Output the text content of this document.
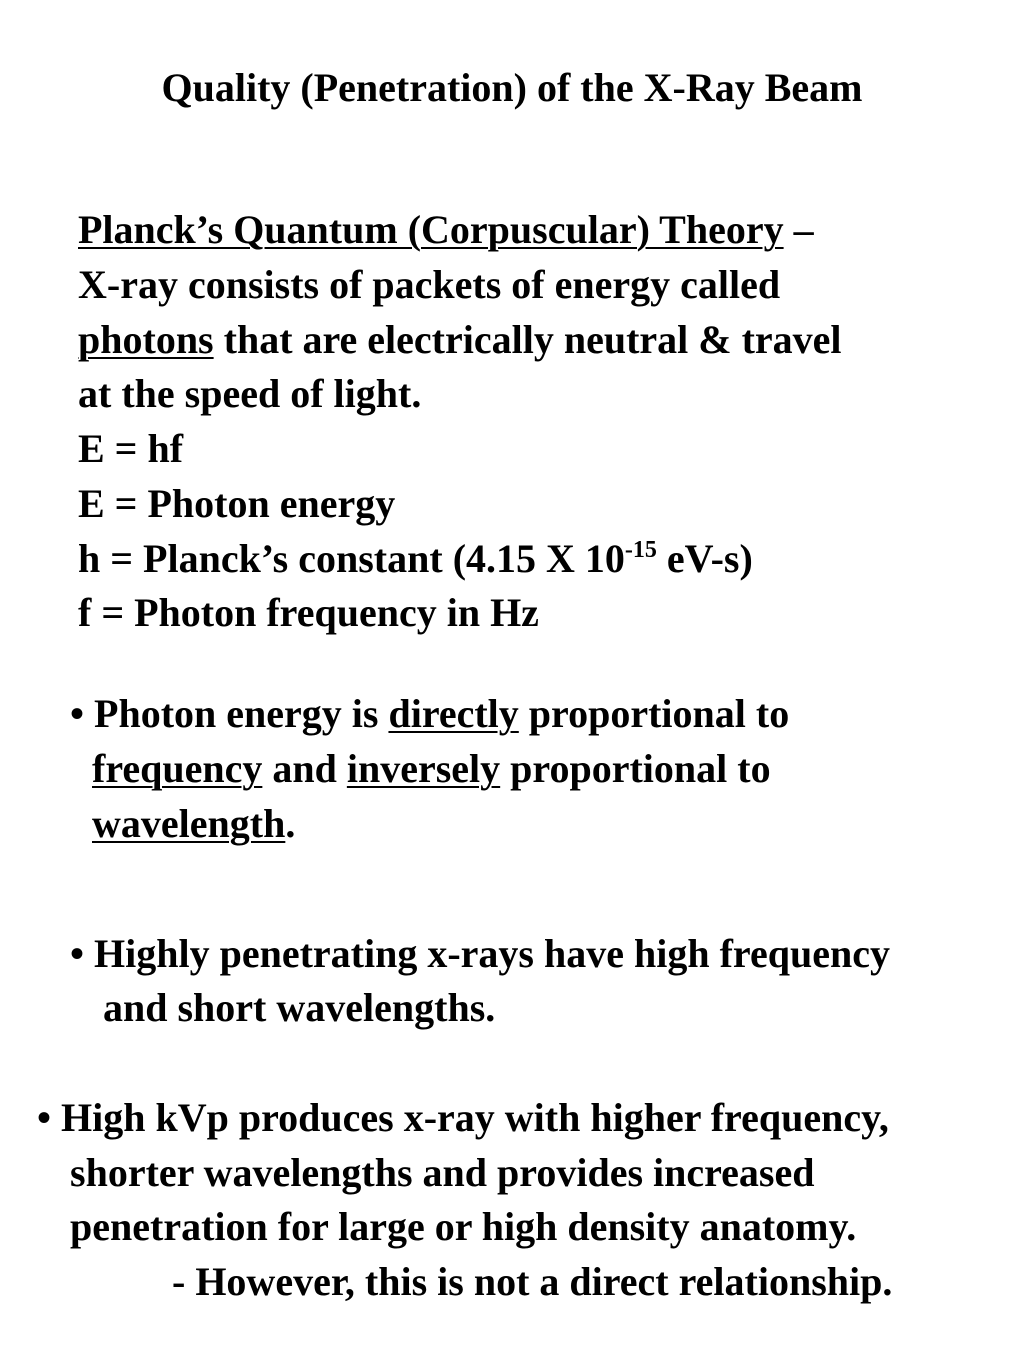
Quality (Penetration) of the X-Ray Beam

Planck’s Quantum (Corpuscular) Theory –

X-ray consists of packets of energy called

photons that are electrically neutral & travel

at the speed of light.

E = hf

E = Photon energy

h = Planck’s constant (4.15 X $10^{-15}$ eV-s)

f = Photon frequency in Hz

• Photon energy is directly proportional to

frequency and inversely proportional to

wavelength.

• Highly penetrating x-rays have high frequency

and short wavelengths.

• High kVp produces x-ray with higher frequency,

shorter wavelengths and provides increased

penetration for large or high density anatomy.

- However, this is not a direct relationship.
